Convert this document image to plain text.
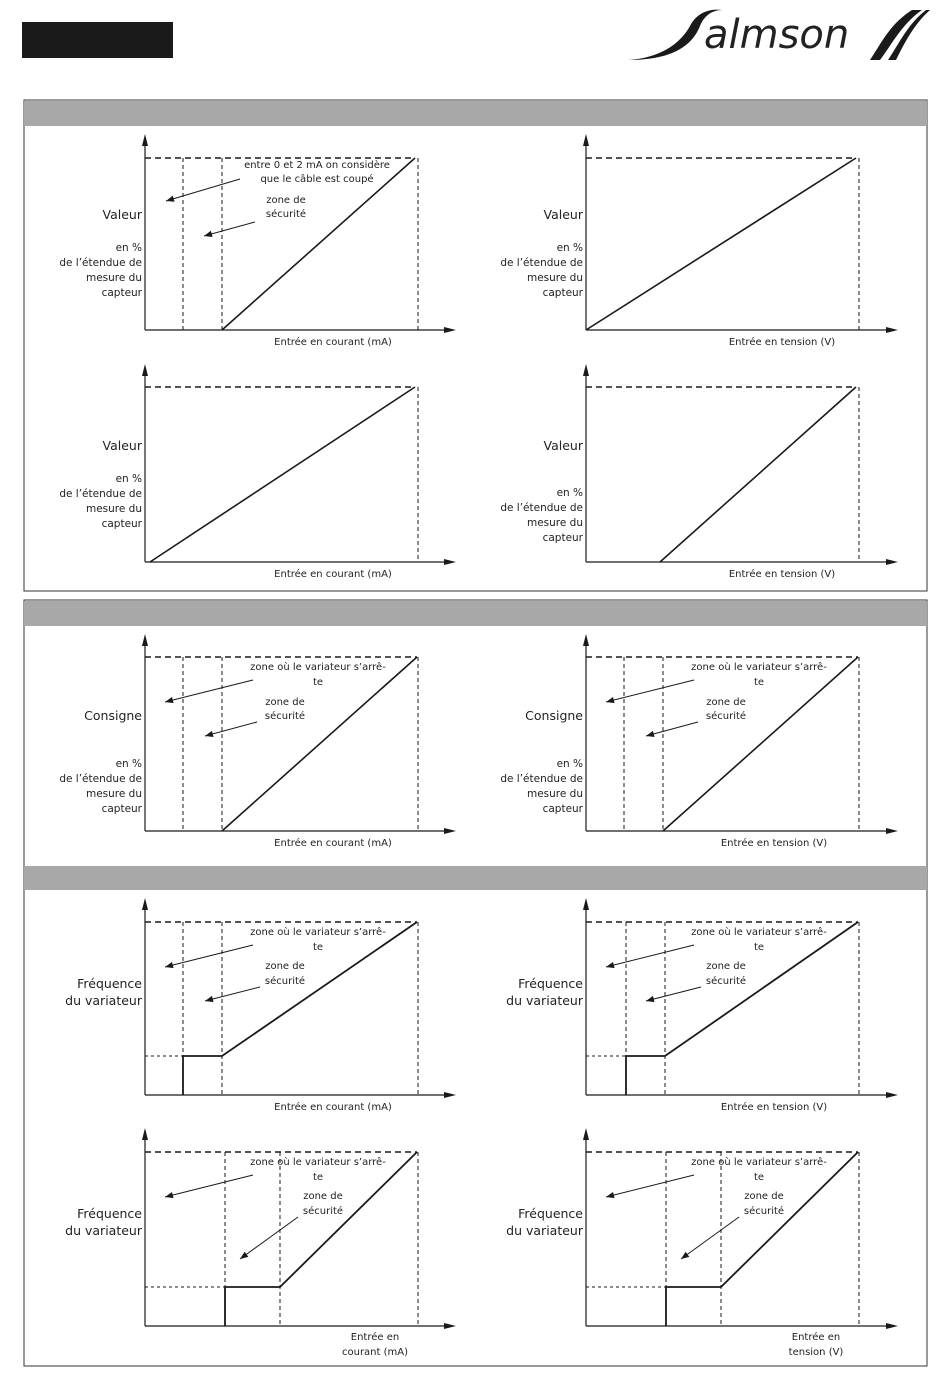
almson
entre 0 et 2 mA on considère
que le câble est coupé
zone de
sécurité
Valeur
en %
de l’étendue de
mesure du
capteur
Entrée en courant (mA)
Valeur
en %
de l’étendue de
mesure du
capteur
Entrée en tension (V)
Valeur
en %
de l’étendue de
mesure du
capteur
Entrée en courant (mA)
Valeur
en %
de l’étendue de
mesure du
capteur
Entrée en tension (V)
zone où le variateur s’arrê-
te
zone de
sécurité
Consigne
en %
de l’étendue de
mesure du
capteur
Entrée en courant (mA)
zone où le variateur s’arrê-
te
zone de
sécurité
Consigne
en %
de l’étendue de
mesure du
capteur
Entrée en tension (V)
zone où le variateur s’arrê-
te
zone de
sécurité
Fréquence
du variateur
Entrée en courant (mA)
zone où le variateur s’arrê-
te
zone de
sécurité
Fréquence
du variateur
Entrée en tension (V)
zone où le variateur s’arrê-
te
zone de
sécurité
Fréquence
du variateur
Entrée en
courant (mA)
zone où le variateur s’arrê-
te
zone de
sécurité
Fréquence
du variateur
Entrée en
tension (V)
